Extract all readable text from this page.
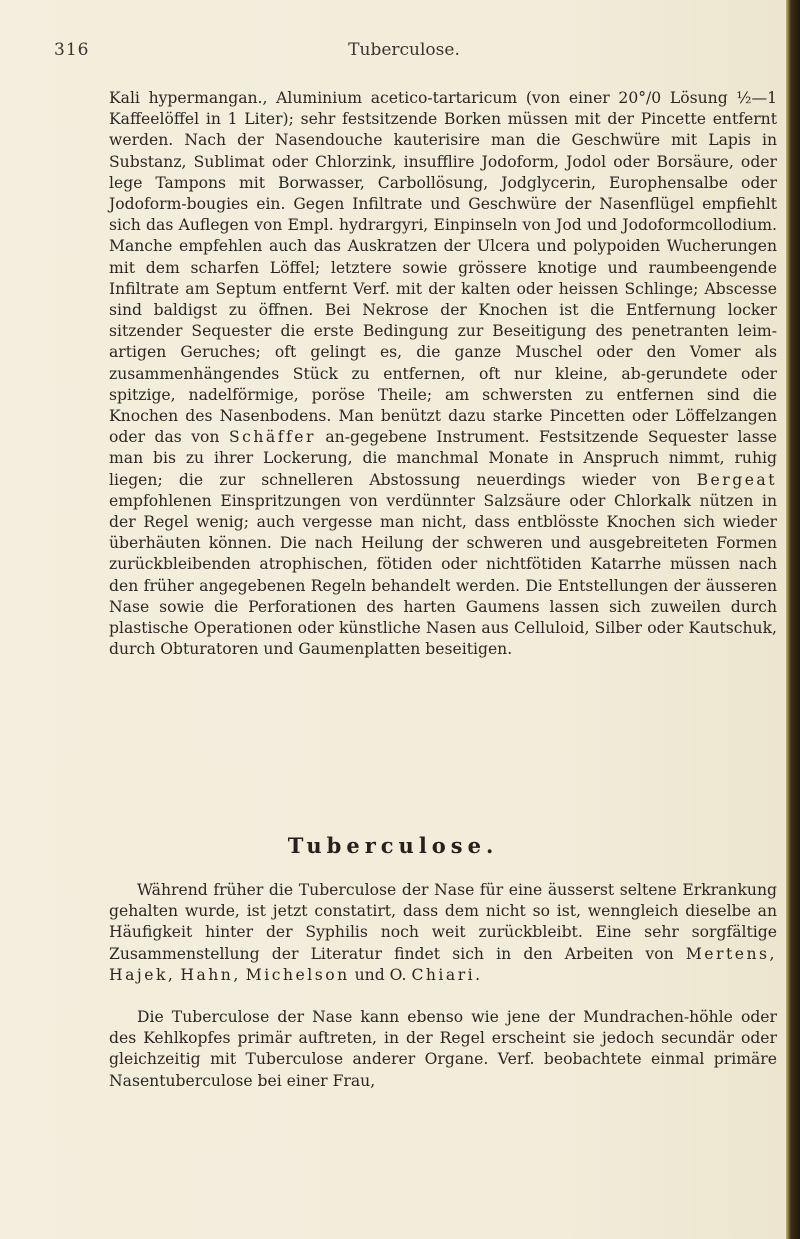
316	Tuberculose.

Kali hypermangan., Aluminium acetico-tartaricum (von einer 20°/0 Lösung ½—1 Kaffeelöffel in 1 Liter); sehr festsitzende Borken müssen mit der Pincette entfernt werden. Nach der Nasendouche kauterisire man die Geschwüre mit Lapis in Substanz, Sublimat oder Chlorzink, insufflire Jodoform, Jodol oder Borsäure, oder lege Tampons mit Borwasser, Carbollösung, Jodglycerin, Europhensalbe oder Jodoform-bougies ein. Gegen Infiltrate und Geschwüre der Nasenflügel empfiehlt sich das Auflegen von Empl. hydrargyri, Einpinseln von Jod und Jodoformcollodium. Manche empfehlen auch das Auskratzen der Ulcera und polypoiden Wucherungen mit dem scharfen Löffel; letztere sowie grössere knotige und raumbeengende Infiltrate am Septum entfernt Verf. mit der kalten oder heissen Schlinge; Abscesse sind baldigst zu öffnen. Bei Nekrose der Knochen ist die Entfernung locker sitzender Sequester die erste Bedingung zur Beseitigung des penetranten leim-artigen Geruches; oft gelingt es, die ganze Muschel oder den Vomer als zusammenhängendes Stück zu entfernen, oft nur kleine, ab-gerundete oder spitzige, nadelförmige, poröse Theile; am schwersten zu entfernen sind die Knochen des Nasenbodens. Man benützt dazu starke Pincetten oder Löffelzangen oder das von Schäffer an-gegebene Instrument. Festsitzende Sequester lasse man bis zu ihrer Lockerung, die manchmal Monate in Anspruch nimmt, ruhig liegen; die zur schnelleren Abstossung neuerdings wieder von Bergeat empfohlenen Einspritzungen von verdünnter Salzsäure oder Chlorkalk nützen in der Regel wenig; auch vergesse man nicht, dass entblösste Knochen sich wieder überhäuten können. Die nach Heilung der schweren und ausgebreiteten Formen zurückbleibenden atrophischen, fötiden oder nichtfötiden Katarrhe müssen nach den früher angegebenen Regeln behandelt werden. Die Entstellungen der äusseren Nase sowie die Perforationen des harten Gaumens lassen sich zuweilen durch plastische Operationen oder künstliche Nasen aus Celluloid, Silber oder Kautschuk, durch Obturatoren und Gaumenplatten beseitigen.

Tuberculose.

Während früher die Tuberculose der Nase für eine äusserst seltene Erkrankung gehalten wurde, ist jetzt constatirt, dass dem nicht so ist, wenngleich dieselbe an Häufigkeit hinter der Syphilis noch weit zurückbleibt. Eine sehr sorgfältige Zusammenstellung der Literatur findet sich in den Arbeiten von Mertens, Hajek, Hahn, Michelson und O. Chiari.

Die Tuberculose der Nase kann ebenso wie jene der Mundrachen-höhle oder des Kehlkopfes primär auftreten, in der Regel erscheint sie jedoch secundär oder gleichzeitig mit Tuberculose anderer Organe. Verf. beobachtete einmal primäre Nasentuberculose bei einer Frau,
